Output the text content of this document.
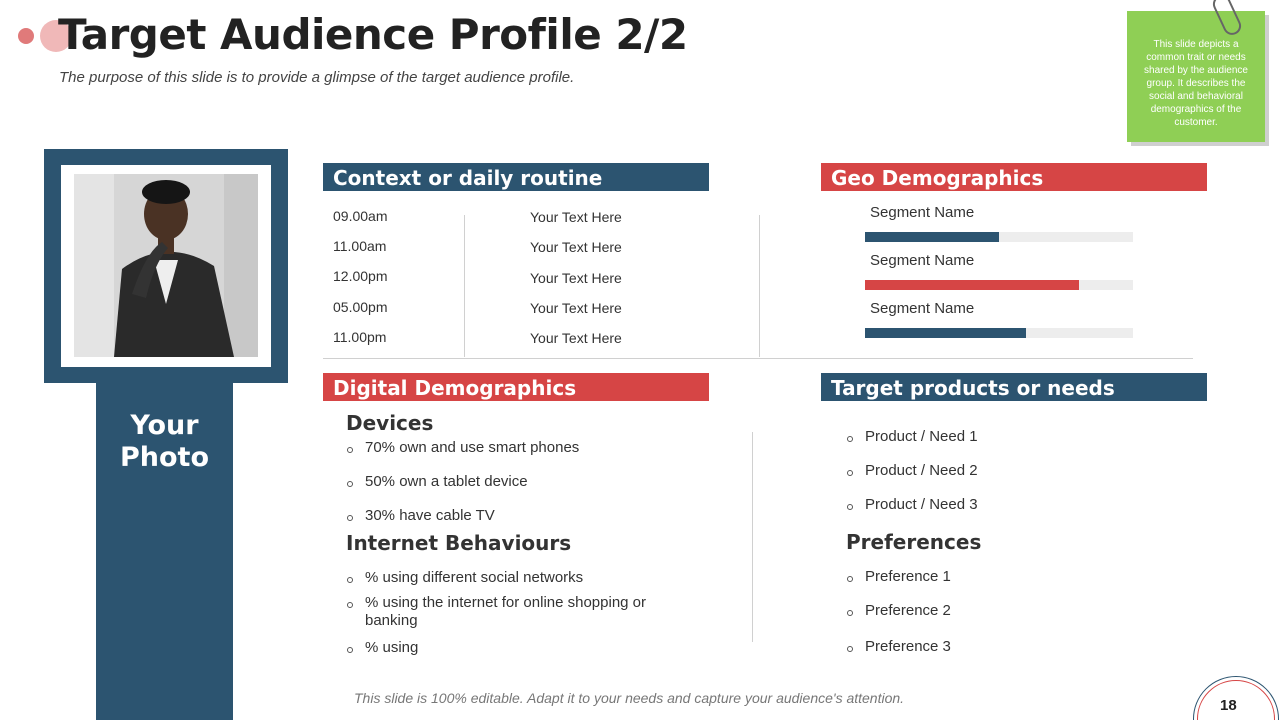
Target Audience Profile 2/2
The purpose of this slide is to provide a glimpse of the target audience profile.
This slide depicts a common trait or needs shared by the audience group. It describes the social and behavioral demographics of the customer.
Your
Photo
Context or daily routine
09.00am	Your Text Here
11.00am	Your Text Here
12.00pm	Your Text Here
05.00pm	Your Text Here
11.00pm	Your Text Here
Geo Demographics
Segment Name
Segment Name
Segment Name
Digital Demographics
Devices
70% own and use smart phones
50% own a tablet device
30% have cable TV
Internet Behaviours
% using different social networks
% using the internet for online shopping or banking
% using
Target products or needs
Product / Need 1
Product / Need 2
Product / Need 3
Preferences
Preference 1
Preference 2
Preference 3
This slide is 100% editable. Adapt it to your needs and capture your audience's attention.	18
